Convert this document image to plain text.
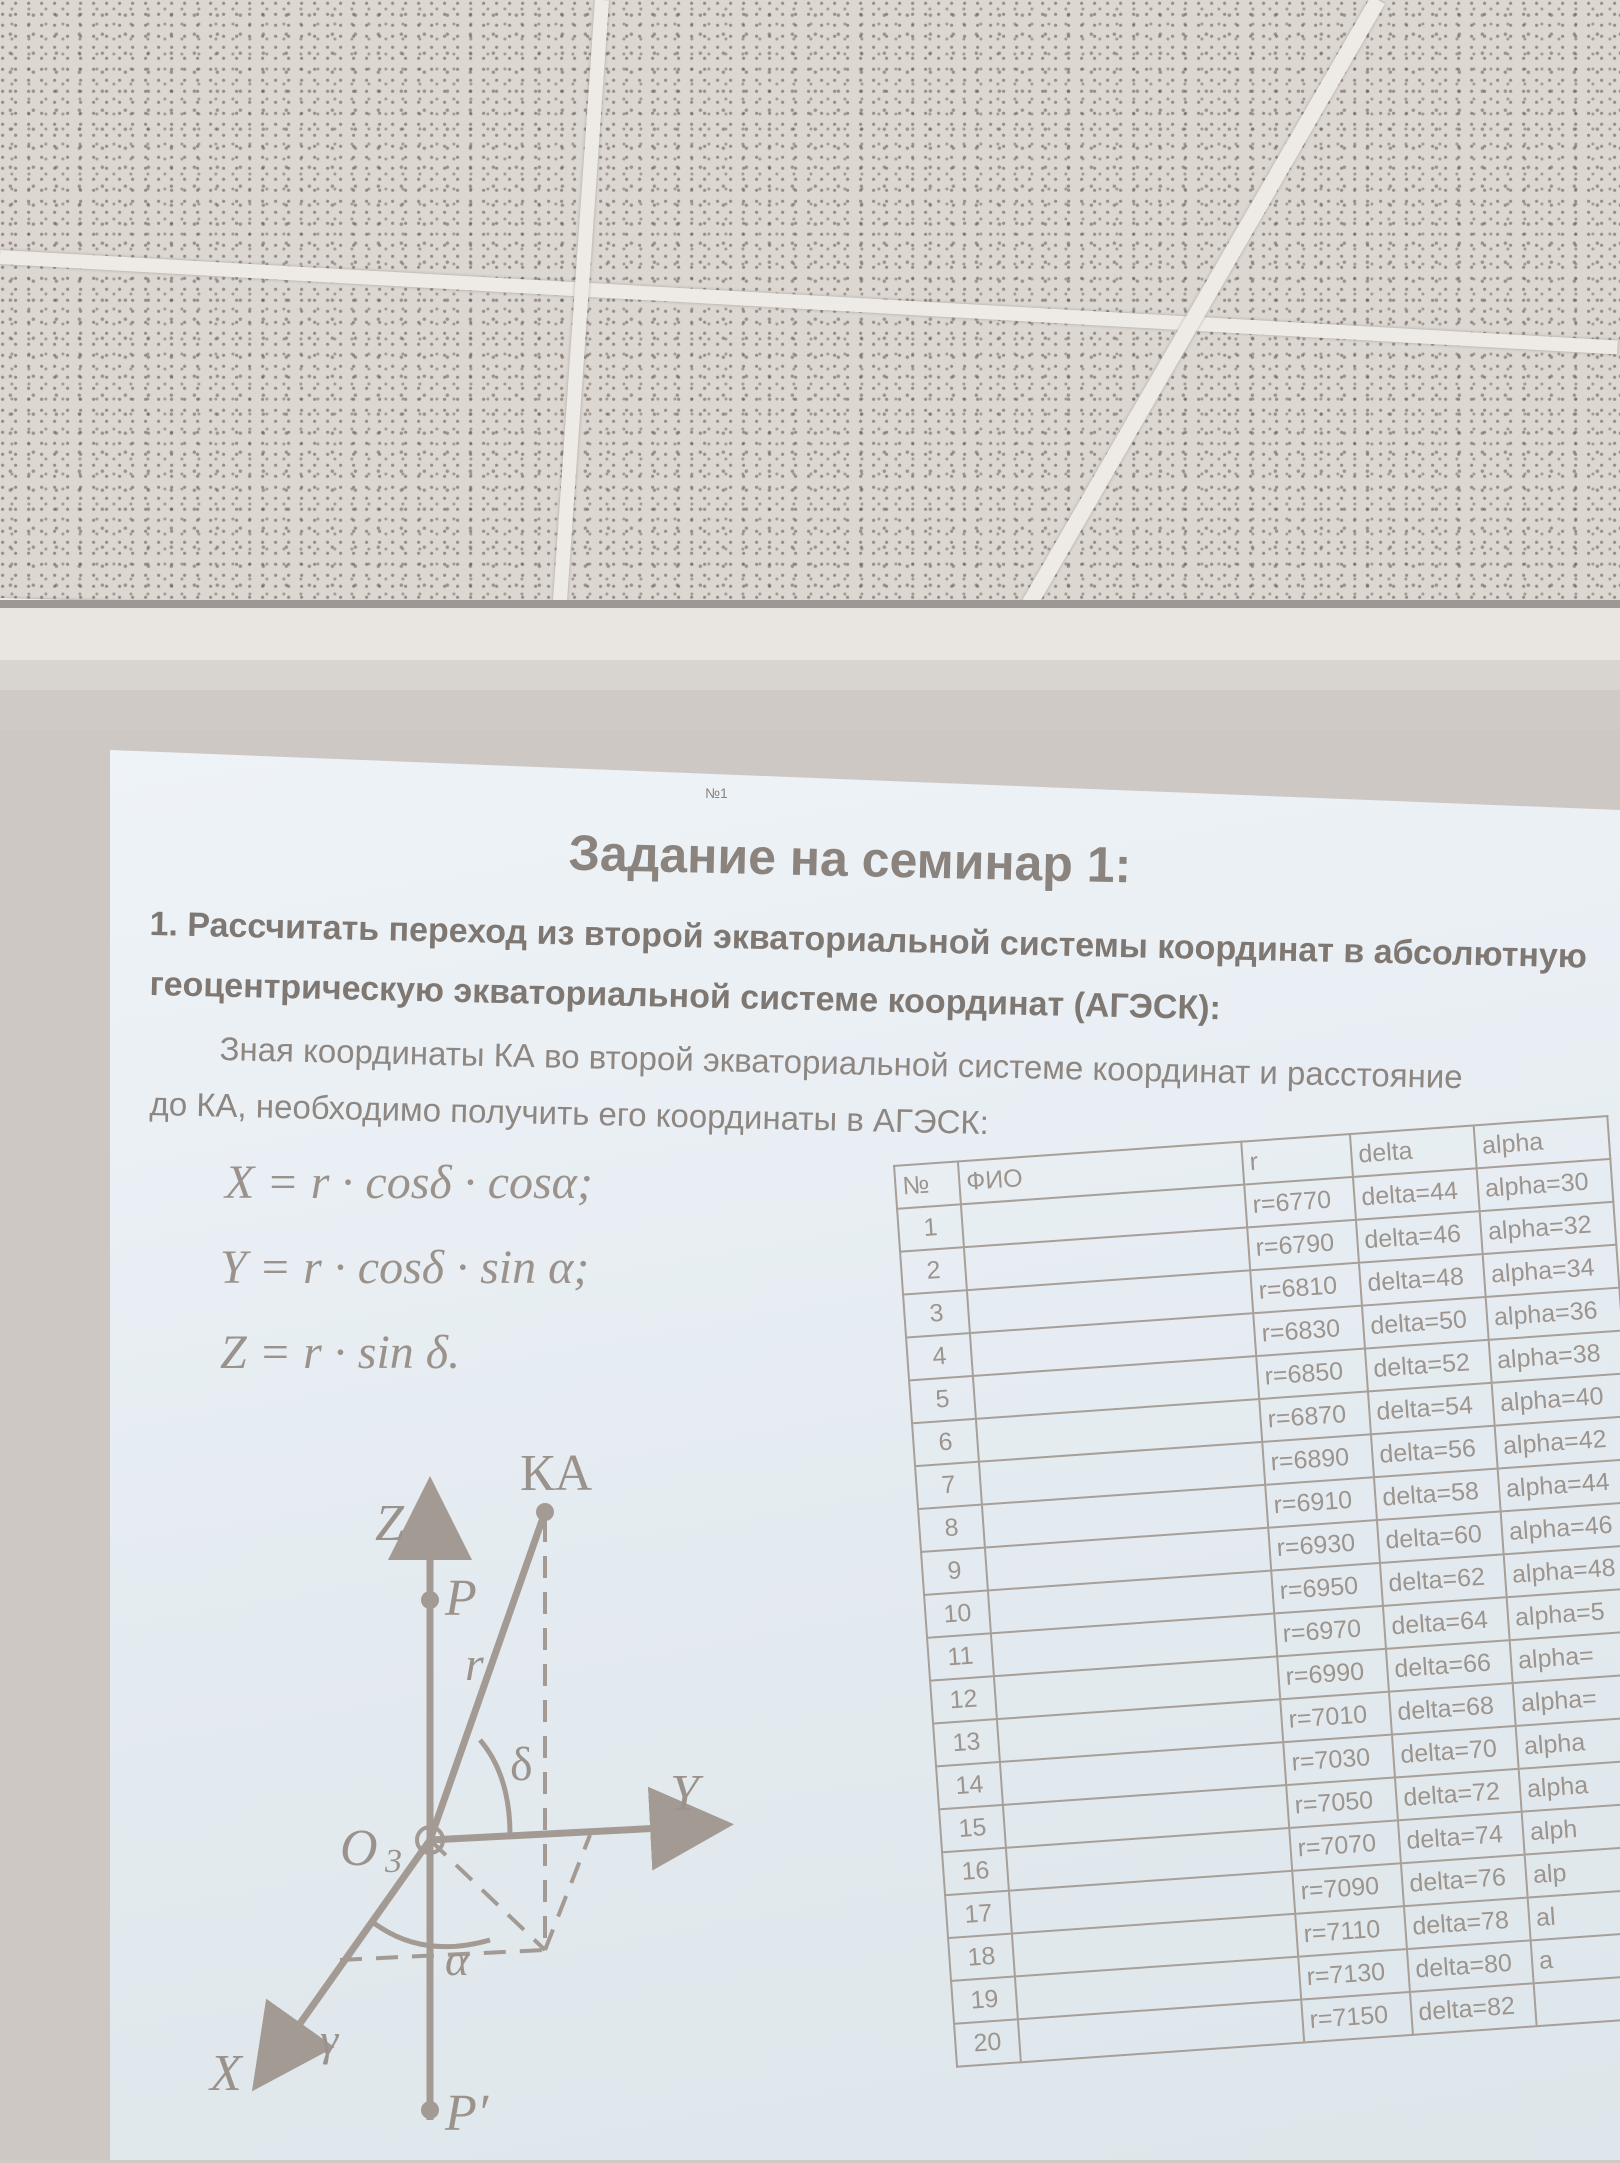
№1
Задание на семинар 1:
1. Рассчитать переход из второй экваториальной системы координат в абсолютную
геоцентрическую экваториальной системе координат (АГЭСК):
Зная координаты КА во второй экваториальной системе координат и расстояние
до КА, необходимо получить его координаты в АГЭСК:
X = r · cosδ · cosα;
Y = r · cosδ · sin α;
Z = r · sin δ.
КА
Z
P
r
δ
Y
O 3
α
X
γ
P′
№	ФИО	r	delta	alpha
1		r=6770	delta=44	alpha=30
2		r=6790	delta=46	alpha=32
3		r=6810	delta=48	alpha=34
4		r=6830	delta=50	alpha=36
5		r=6850	delta=52	alpha=38
6		r=6870	delta=54	alpha=40
7		r=6890	delta=56	alpha=42
8		r=6910	delta=58	alpha=44
9		r=6930	delta=60	alpha=46
10		r=6950	delta=62	alpha=48
11		r=6970	delta=64	alpha=5
12		r=6990	delta=66	alpha=
13		r=7010	delta=68	alpha=
14		r=7030	delta=70	alpha
15		r=7050	delta=72	alpha
16		r=7070	delta=74	alph
17		r=7090	delta=76	alp
18		r=7110	delta=78	al
19		r=7130	delta=80	a
20		r=7150	delta=82	
